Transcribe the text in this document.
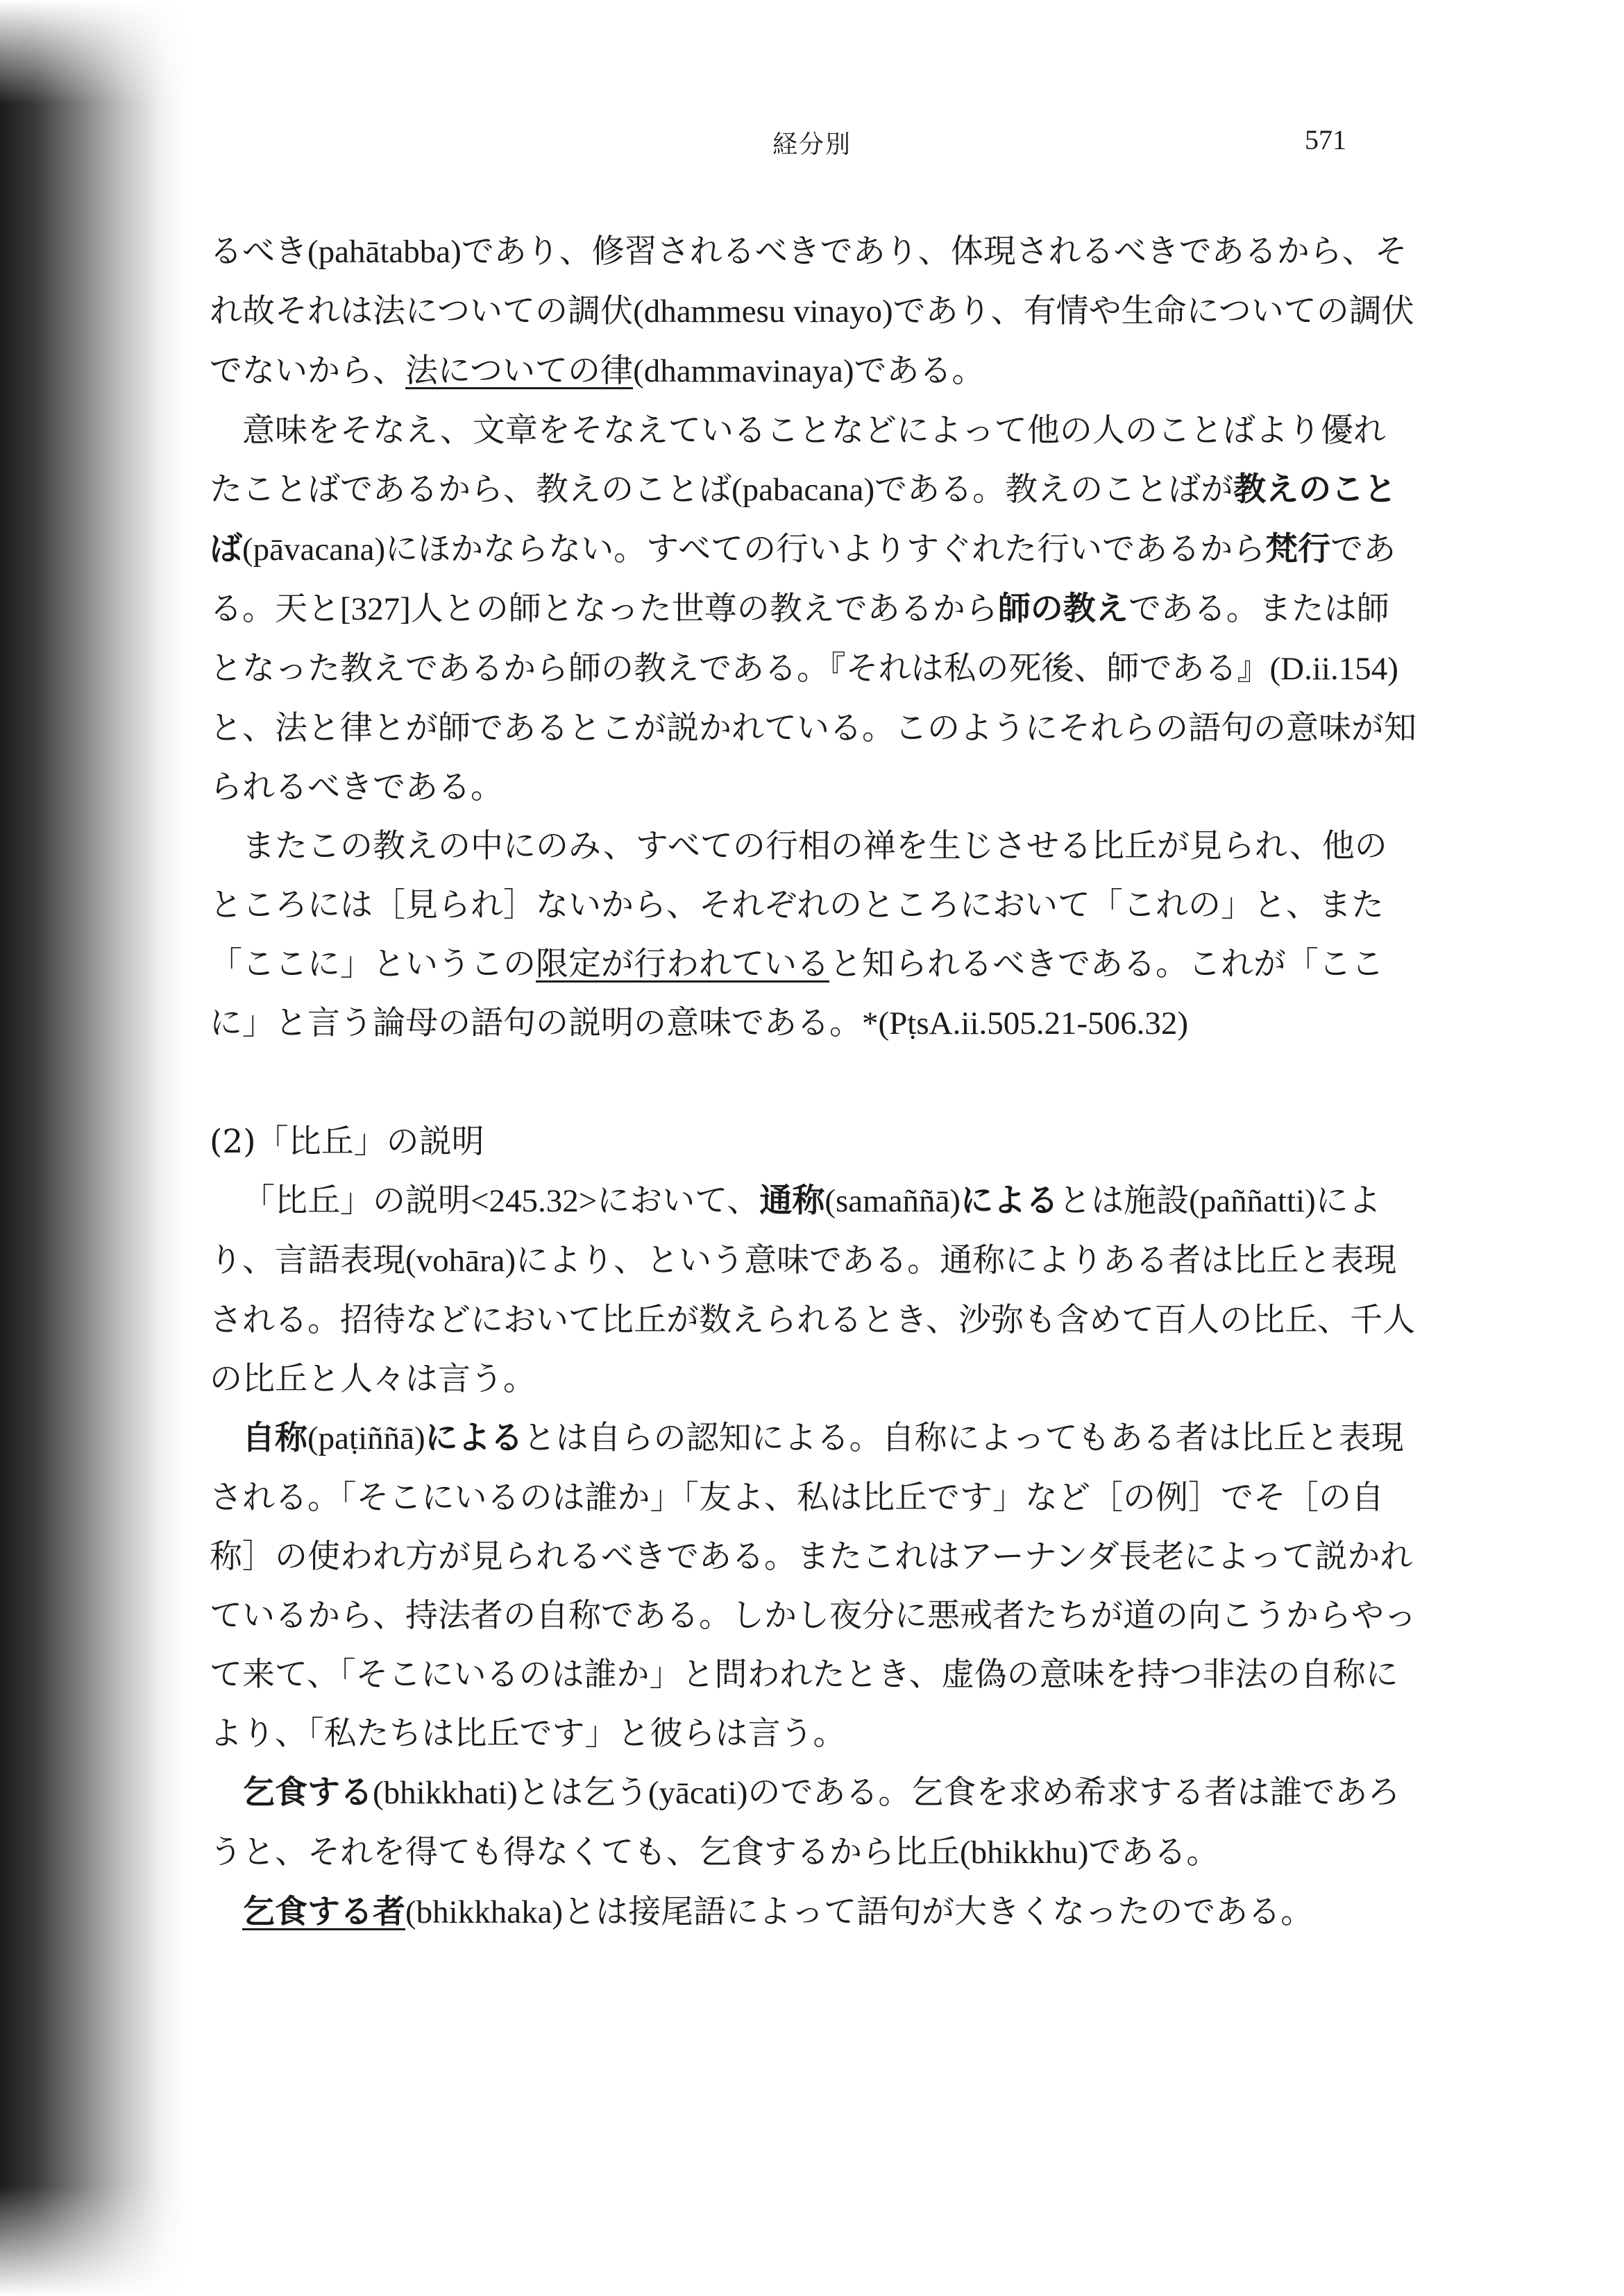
経分別	571

るべき(pahātabba)であり、修習されるべきであり、体現されるべきであるから、それ故それは法についての調伏(dhammesu vinayo)であり、有情や生命についての調伏でないから、法についての律(dhammavinaya)である。

意味をそなえ、文章をそなえていることなどによって他の人のことばより優れたことばであるから、教えのことば(pabacana)である。教えのことばが教えのことば(pāvacana)にほかならない。すべての行いよりすぐれた行いであるから梵行である。天と[327]人との師となった世尊の教えであるから師の教えである。または師となった教えであるから師の教えである。『それは私の死後、師である』(D.ii.154)と、法と律とが師であるとこが説かれている。このようにそれらの語句の意味が知られるべきである。

またこの教えの中にのみ、すべての行相の禅を生じさせる比丘が見られ、他のところには［見られ］ないから、それぞれのところにおいて「これの」と、また「ここに」というこの限定が行われていると知られるべきである。これが「ここに」と言う論母の語句の説明の意味である。*(PṭsA.ii.505.21-506.32)

(2)「比丘」の説明

「比丘」の説明<245.32>において、通称(samaññā)によるとは施設(paññatti)により、言語表現(vohāra)により、という意味である。通称によりある者は比丘と表現される。招待などにおいて比丘が数えられるとき、沙弥も含めて百人の比丘、千人の比丘と人々は言う。

自称(paṭiññā)によるとは自らの認知による。自称によってもある者は比丘と表現される。「そこにいるのは誰か」「友よ、私は比丘です」など［の例］でそ［の自称］の使われ方が見られるべきである。またこれはアーナンダ長老によって説かれているから、持法者の自称である。しかし夜分に悪戒者たちが道の向こうからやって来て、「そこにいるのは誰か」と問われたとき、虚偽の意味を持つ非法の自称により、「私たちは比丘です」と彼らは言う。

乞食する(bhikkhati)とは乞う(yācati)のである。乞食を求め希求する者は誰であろうと、それを得ても得なくても、乞食するから比丘(bhikkhu)である。

乞食する者(bhikkhaka)とは接尾語によって語句が大きくなったのである。
